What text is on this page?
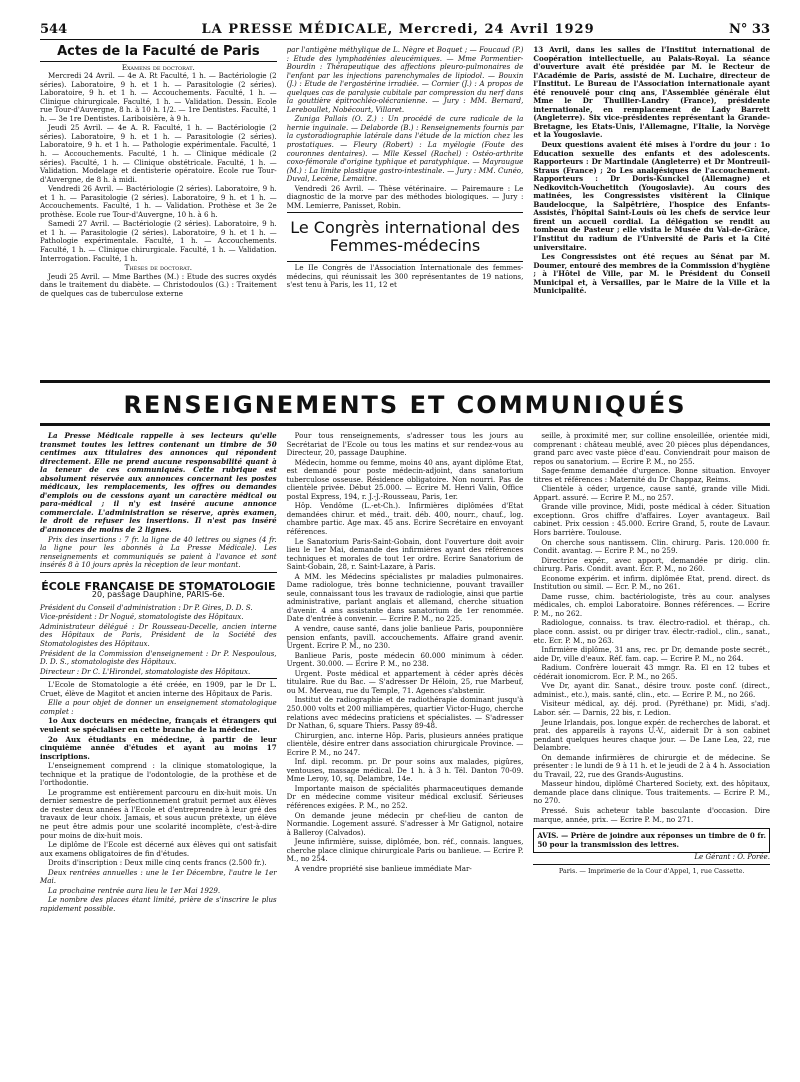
544	LA PRESSE MÉDICALE, Mercredi, 24 Avril 1929	N° 33
Actes de la Faculté de Paris
Examens de doctorat.

Mercredi 24 Avril. — 4e A. Rt Faculté, 1 h. — Bactériologie (2 séries). Laboratoire, 9 h. et 1 h. — Parasitologie (2 séries). Laboratoire, 9 h. et 1 h. — Accouchements. Faculté, 1 h. — Clinique chirurgicale. Faculté, 1 h. — Validation. Dessin. Ecole rue Tour-d'Auvergne, 8 h. à 10 h. 1/2. — 1re Dentistes. Faculté, 1 h. — 3e 1re Dentistes. Lariboisière, à 9 h.

Jeudi 25 Avril. — 4e A. R. Faculté, 1 h. — Bactériologie (2 séries). Laboratoire, 9 h. et 1 h. — Parasitologie (2 séries). Laboratoire, 9 h. et 1 h. — Pathologie expérimentale. Faculté, 1 h. — Accouchements. Faculté, 1 h. — Clinique médicale (2 séries). Faculté, 1 h. — Clinique obstétricale. Faculté, 1 h. — Validation. Modelage et dentisterie opératoire. Ecole rue Tour-d'Auvergne, de 8 h. à midi.

Vendredi 26 Avril. — Bactériologie (2 séries). Laboratoire, 9 h. et 1 h. — Parasitologie (2 séries). Laboratoire, 9 h. et 1 h. — Accouchements. Faculté, 1 h. — Validation. Prothèse et 3e 2e prothèse. Ecole rue Tour-d'Auvergne, 10 h. à 6 h.

Samedi 27 Avril. — Bactériologie (2 séries). Laboratoire, 9 h. et 1 h. — Parasitologie (2 séries). Laboratoire, 9 h. et 1 h. — Pathologie expérimentale. Faculté, 1 h. — Accouchements. Faculté, 1 h. — Clinique chirurgicale. Faculté, 1 h. — Validation. Interrogation. Faculté, 1 h.

Thèses de doctorat.

Jeudi 25 Avril. — Mme Barthes (M.) : Etude des sucres oxydés dans le traitement du diabète. — Christodoulos (G.) : Traitement de quelques cas de tuberculose externe

par l'antigène méthylique de L. Nègre et Boquet ; — Foucaud (P.) : Etude des lymphadénies aleucémiques. — Mme Parmentier-Bourdin : Thérapeutique des affections pleuro-pulmonaires de l'enfant par les injections parenchymales de lipiodol. — Bouxin (J.) : Etude de l'ergostérine irradiée. — Cornier (J.) : A propos de quelques cas de paralysie cubitale par compression du nerf dans la gouttière épitrochléo-olécranienne. — Jury : MM. Bernard, Lereboullet, Nobécourt, Villaret.

Zuniga Pallais (O. Z.) : Un procédé de cure radicale de la hernie inguinale. — Delaborde (B.) : Renseignements fournis par la cystoradiographie latérale dans l'étude de la miction chez les prostatiques. — Fleury (Robert) : La myélogie (Foute des couronnes dentaires). — Mlle Kessel (Rachel) : Ostéo-arthrite coxo-fémorale d'origine typhique et paratyphique. — Mayraugue (M.) : La limite plastique gastro-intestinale. — Jury : MM. Cunéo, Duval, Lecène, Lemaitre.

Vendredi 26 Avril. — Thèse vétérinaire. — Pairemaure : Le diagnostic de la morve par des méthodes biologiques. — Jury : MM. Lemierre, Panisset, Robin.

Le Congrès international des Femmes-médecins

Le IIe Congrès de l'Association Internationale des femmes-médecins, qui réunissait les 300 représentantes de 19 nations, s'est tenu à Paris, les 11, 12 et

13 Avril, dans les salles de l'Institut international de Coopération intellectuelle, au Palais-Royal. La séance d'ouverture avait été présidée par M. le Recteur de l'Académie de Paris, assisté de M. Luchaire, directeur de l'Institut. Le Bureau de l'Association internationale ayant été renouvelé pour cinq ans, l'Assemblée générale élut Mme le Dr Thuillier-Landry (France), présidente internationale, en remplacement de Lady Barrett (Angleterre). Six vice-présidentes représentant la Grande-Bretagne, les Etats-Unis, l'Allemagne, l'Italie, la Norvège et la Yougoslavie.

Deux questions avaient été mises à l'ordre du jour : 1o Education sexuelle des enfants et des adolescents. Rapporteurs : Dr Martindale (Angleterre) et Dr Montreuil-Straus (France) ; 2o Les analgésiques de l'accouchement. Rapporteurs : Dr Doris-Kunckel (Allemagne) et Nedkovitch-Vouchetitch (Yougoslavie). Au cours des matinées, les Congressistes visitèrent la Clinique Baudelocque, la Salpêtrière, l'hospice des Enfants-Assistés, l'hôpital Saint-Louis où les chefs de service leur firent un accueil cordial. La délégation se rendit au tombeau de Pasteur ; elle visita le Musée du Val-de-Grâce, l'Institut du radium de l'Université de Paris et la Cité universitaire.

Les Congressistes ont été reçues au Sénat par M. Doumer, entouré des membres de la Commission d'hygiène ; à l'Hôtel de Ville, par M. le Président du Conseil Municipal et, à Versailles, par le Maire de la Ville et la Municipalité.

RENSEIGNEMENTS ET COMMUNIQUÉS

La Presse Médicale rappelle à ses lecteurs qu'elle transmet toutes les lettres contenant un timbre de 50 centimes aux titulaires des annonces qui répondent directement. Elle ne prend aucune responsabilité quant à la teneur de ces communiqués. Cette rubrique est absolument réservée aux annonces concernant les postes médicaux, les remplacements, les offres ou demandes d'emplois ou de cessions ayant un caractère médical ou para-médical ; il n'y est inséré aucune annonce commerciale. L'administration se réserve, après examen, le droit de refuser les insertions. Il n'est pas inséré d'annonces de moins de 2 lignes.

Prix des insertions : 7 fr. la ligne de 40 lettres ou signes (4 fr. la ligne pour les abonnés à La Presse Médicale). Les renseignements et communiqués se paient à l'avance et sont insérés 8 à 10 jours après la réception de leur montant.

ÉCOLE FRANÇAISE DE STOMATOLOGIE
20, passage Dauphine, PARIS-6e.

Président du Conseil d'administration : Dr P. Gires, D. D. S.

Vice-président : Dr Nogué, stomatologiste des Hôpitaux.

Administrateur délégué : Dr Rousseau-Decelle, ancien interne des Hôpitaux de Paris, Président de la Société des Stomatologistes des Hôpitaux.

Président de la Commission d'enseignement : Dr P. Nespoulous, D. D. S., stomatologiste des Hôpitaux.

Directeur : Dr C. L'Hirondel, stomatologiste des Hôpitaux.

L'Ecole de Stomatologie a été créée, en 1909, par le Dr L. Cruet, élève de Magitot et ancien interne des Hôpitaux de Paris.

Elle a pour objet de donner un enseignement stomatologique complet :

1o Aux docteurs en médecine, français et étrangers qui veulent se spécialiser en cette branche de la médecine.

2o Aux étudiants en médecine, à partir de leur cinquième année d'études et ayant au moins 17 inscriptions.

L'enseignement comprend : la clinique stomatologique, la technique et la pratique de l'odontologie, de la prothèse et de l'orthodontie.

Le programme est entièrement parcouru en dix-huit mois. Un dernier semestre de perfectionnement gratuit permet aux élèves de rester deux années à l'Ecole et d'entreprendre à leur gré des travaux de leur choix. Jamais, et sous aucun prétexte, un élève ne peut être admis pour une scolarité incomplète, c'est-à-dire pour moins de dix-huit mois.

Le diplôme de l'Ecole est décerné aux élèves qui ont satisfait aux examens obligatoires de fin d'études.

Droits d'inscription : Deux mille cinq cents francs (2.500 fr.).

Deux rentrées annuelles : une le 1er Décembre, l'autre le 1er Mai.

La prochaine rentrée aura lieu le 1er Mai 1929.

Le nombre des places étant limité, prière de s'inscrire le plus rapidement possible.

Pour tous renseignements, s'adresser tous les jours au Secrétariat de l'Ecole ou tous les matins et sur rendez-vous au Directeur, 20, passage Dauphine.

Médecin, homme ou femme, moins 40 ans, ayant diplôme Etat, est demandé pour poste médecin-adjoint, dans sanatorium tuberculose osseuse. Résidence obligatoire. Non nourri. Pas de clientèle privée. Début 25.000. — Ecrire M. Henri Valin, Office postal Express, 194, r. J.-J.-Rousseau, Paris, 1er.

Hôp. Vendôme (L.-et-Ch.). Infirmières diplômées d'Etat demandées chirur. et méd., trait. déb. 400, nourr., chauf., log. chambre partic. Age max. 45 ans. Ecrire Secrétaire en envoyant références.

Le Sanatorium Paris-Saint-Gobain, dont l'ouverture doit avoir lieu le 1er Mai, demande des infirmières ayant des références techniques et morales de tout 1er ordre. Ecrire Sanatorium de Saint-Gobain, 28, r. Saint-Lazare, à Paris.

A MM. les Médecins spécialistes pr maladies pulmonaires. Dame radiologue, très bonne technicienne, pouvant travailler seule, connaissant tous les travaux de radiologie, ainsi que partie administrative, parlant anglais et allemand, cherche situation d'avenir. 4 ans assistante dans sanatorium de 1er renommée. Date d'entrée à convenir. — Ecrire P. M., no 225.

A vendre, cause santé, dans jolie banlieue Paris, pouponnière pension enfants, pavill. accouchements. Affaire grand avenir. Urgent. Ecrire P. M., no 230.

Banlieue Paris, poste médecin 60.000 minimum à céder. Urgent. 30.000. — Ecrire P. M., no 238.

Urgent. Poste médical et appartement à céder après décès titulaire. Rue du Bac. — S'adresser Dr Héloin, 25, rue Marbeuf, ou M. Merveau, rue du Temple, 71. Agences s'abstenir.

Institut de radiographie et de radiothérapie dominant jusqu'à 250.000 volts et 200 milliampères, quartier Victor-Hugo, cherche relations avec médecins praticiens et spécialistes. — S'adresser Dr Nathan, 6, square Thiers. Passy 89-48.

Chirurgien, anc. interne Hôp. Paris, plusieurs années pratique clientèle, désire entrer dans association chirurgicale Province. — Ecrire P. M., no 247.

Inf. dipl. recomm. pr. Dr pour soins aux malades, pigûres, ventouses, massage médical. De 1 h. à 3 h. Tél. Danton 70-09. Mme Leroy, 10, sq. Delambre, 14e.

Importante maison de spécialités pharmaceutiques demande Dr en médecine comme visiteur médical exclusif. Sérieuses références exigées. P. M., no 252.

On demande jeune médecin pr chef-lieu de canton de Normandie. Logement assuré. S'adresser à Mr Gatignol, notaire à Balleroy (Calvados).

Jeune infirmière, suisse, diplômée, bon. réf., connais. langues, cherche place clinique chirurgicale Paris ou banlieue. — Ecrire P. M., no 254.

A vendre propriété sise banlieue immédiate Mar-

seille, à proximité mer, sur colline ensoleillée, orientée midi, comprenant : château meublé, avec 20 pièces plus dépendances, grand parc avec vaste pièce d'eau. Conviendrait pour maison de repos ou sanatorium. — Ecrire P. M., no 255.

Sage-femme demandée d'urgence. Bonne situation. Envoyer titres et références : Maternité du Dr Chappaz, Reims.

Clientèle à céder, urgence, cause santé, grande ville Midi. Appart. assuré. — Ecrire P. M., no 257.

Grande ville province, Midi, poste médical à céder. Situation exceptionn. Gros chiffre d'affaires. Loyer avantageux. Bail cabinet. Prix cession : 45.000. Ecrire Grand, 5, route de Lavaur. Hors barrière. Toulouse.

On cherche sous nantissem. Clin. chirurg. Paris. 120.000 fr. Condit. avantag. — Ecrire P. M., no 259.

Directrice expér., avec apport, demandée pr dirig. clin. chirurg. Paris. Condit. avant. Ecr. P. M., no 260.

Econome expérim. et infirm. diplômée Etat, prend. direct. ds Institution ou simil. — Ecr. P. M., no 261.

Dame russe, chim. bactériologiste, très au cour. analyses médicales, ch. emploi Laboratoire. Bonnes références. — Ecrire P. M., no 262.

Radiologue, connaiss. ts trav. électro-radiol. et thérap., ch. place conn. assist. ou pr diriger trav. électr.-radiol., clin., sanat., etc. Ecr. P. M., no 263.

Infirmière diplôme, 31 ans, rec. pr Dr, demande poste secrét., aide Dr, ville d'eaux. Réf. fam. cap. — Ecrire P. M., no 264.

Radium. Confrère louerait 43 mmgr. Ra. El en 12 tubes et cédérait ionomicrom. Ecr. P. M., no 265.

Vve Dr, ayant dir. Sanat., désire trouv. poste conf. (direct., administ., etc.), mais. santé, clin., etc. — Ecrire P. M., no 266.

Visiteur médical, ay. déj. prod. (Pyréthane) pr. Midi, s'adj. Labor. sér. — Darnis, 22 bis, r. Ledion.

Jeune Irlandais, pos. longue expér. de recherches de laborat. et prat. des appareils à rayons U.-V., aiderait Dr à son cabinet pendant quelques heures chaque jour. — De Lane Lea, 22, rue Delambre.

On demande infirmières de chirurgie et de médecine. Se présenter : le lundi de 9 à 11 h. et le jeudi de 2 à 4 h. Association du Travail, 22, rue des Grands-Augustins.

Masseur hindou, diplômé Chartered Society, ext. des hôpitaux, demande place dans clinique. Tous traitements. — Ecrire P. M., no 270.

Pressé. Suis acheteur table basculante d'occasion. Dire marque, année, prix. — Ecrire P. M., no 271.

AVIS. — Prière de joindre aux réponses un timbre de 0 fr. 50 pour la transmission des lettres.
Le Gérant : O. Porée.
Paris. — Imprimerie de la Cour d'Appel, 1, rue Cassette.
